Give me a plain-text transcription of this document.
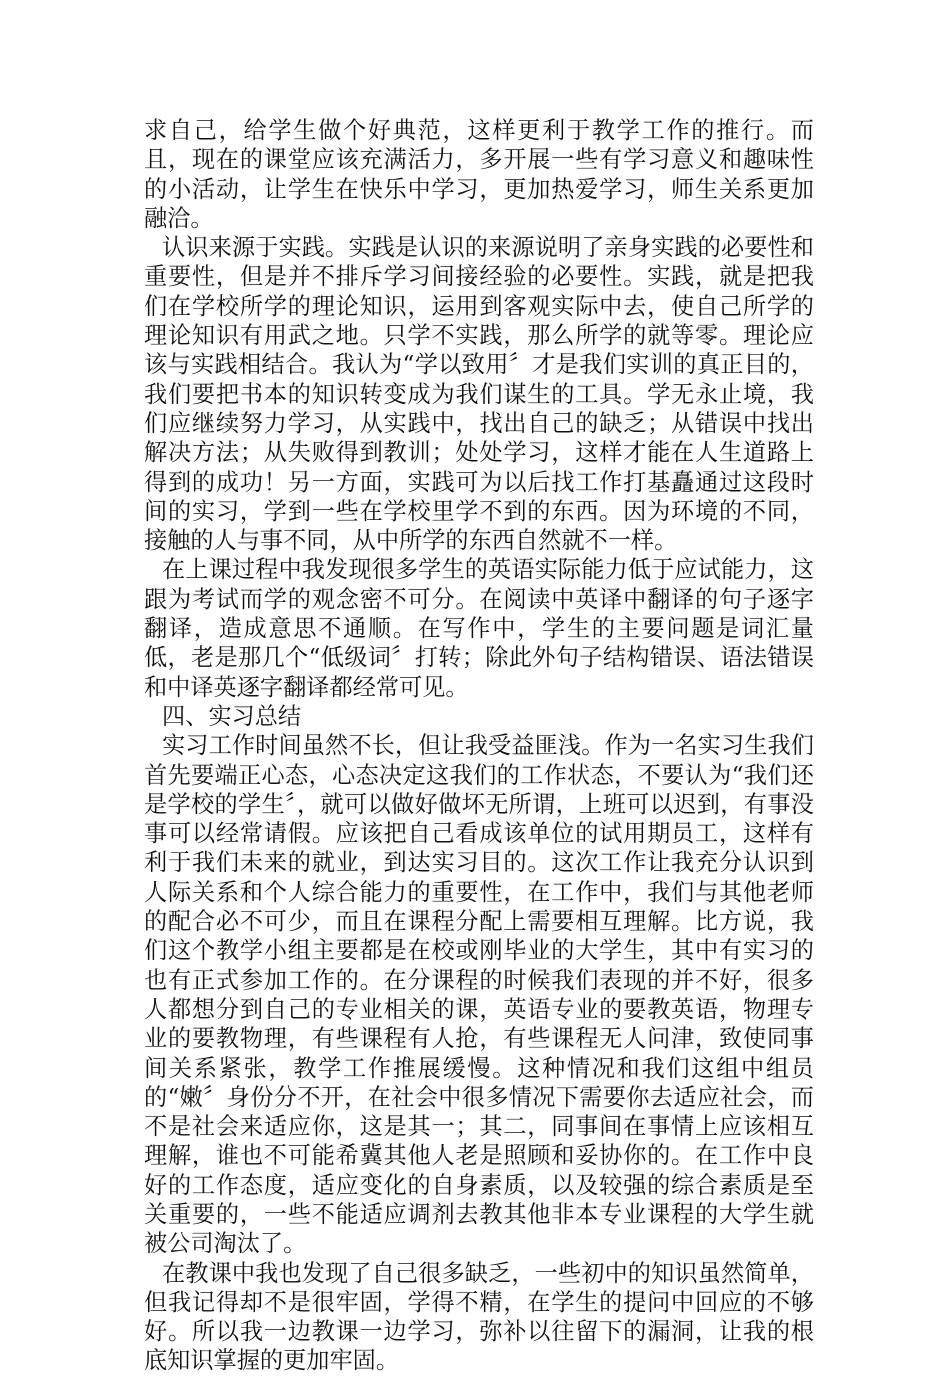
求自己，给学生做个好典范，这样更利于教学工作的推行。而且，现在的课堂应该充满活力，多开展一些有学习意义和趣味性的小活动，让学生在快乐中学习，更加热爱学习，师生关系更加融洽。

认识来源于实践。实践是认识的来源说明了亲身实践的必要性和重要性，但是并不排斥学习间接经验的必要性。实践，就是把我们在学校所学的理论知识，运用到客观实际中去，使自己所学的理论知识有用武之地。只学不实践，那么所学的就等零。理论应该与实践相结合。我认为“学以致用〞才是我们实训的真正目的，我们要把书本的知识转变成为我们谋生的工具。学无永止境，我们应继续努力学习，从实践中，找出自己的缺乏；从错误中找出解决方法；从失败得到教训；处处学习，这样才能在人生道路上得到的成功！另一方面，实践可为以后找工作打基矗通过这段时间的实习，学到一些在学校里学不到的东西。因为环境的不同，接触的人与事不同，从中所学的东西自然就不一样。

在上课过程中我发现很多学生的英语实际能力低于应试能力，这跟为考试而学的观念密不可分。在阅读中英译中翻译的句子逐字翻译，造成意思不通顺。在写作中，学生的主要问题是词汇量低，老是那几个“低级词〞打转；除此外句子结构错误、语法错误和中译英逐字翻译都经常可见。

四、实习总结

实习工作时间虽然不长，但让我受益匪浅。作为一名实习生我们首先要端正心态，心态决定这我们的工作状态，不要认为“我们还是学校的学生〞，就可以做好做坏无所谓，上班可以迟到，有事没事可以经常请假。应该把自己看成该单位的试用期员工，这样有利于我们未来的就业，到达实习目的。这次工作让我充分认识到人际关系和个人综合能力的重要性，在工作中，我们与其他老师的配合必不可少，而且在课程分配上需要相互理解。比方说，我们这个教学小组主要都是在校或刚毕业的大学生，其中有实习的也有正式参加工作的。在分课程的时候我们表现的并不好，很多人都想分到自己的专业相关的课，英语专业的要教英语，物理专业的要教物理，有些课程有人抢，有些课程无人问津，致使同事间关系紧张，教学工作推展缓慢。这种情况和我们这组中组员的“嫩〞身份分不开，在社会中很多情况下需要你去适应社会，而不是社会来适应你，这是其一；其二，同事间在事情上应该相互理解，谁也不可能希冀其他人老是照顾和妥协你的。在工作中良好的工作态度，适应变化的自身素质，以及较强的综合素质是至关重要的，一些不能适应调剂去教其他非本专业课程的大学生就被公司淘汰了。

在教课中我也发现了自己很多缺乏，一些初中的知识虽然简单，但我记得却不是很牢固，学得不精，在学生的提问中回应的不够好。所以我一边教课一边学习，弥补以往留下的漏洞，让我的根底知识掌握的更加牢固。
